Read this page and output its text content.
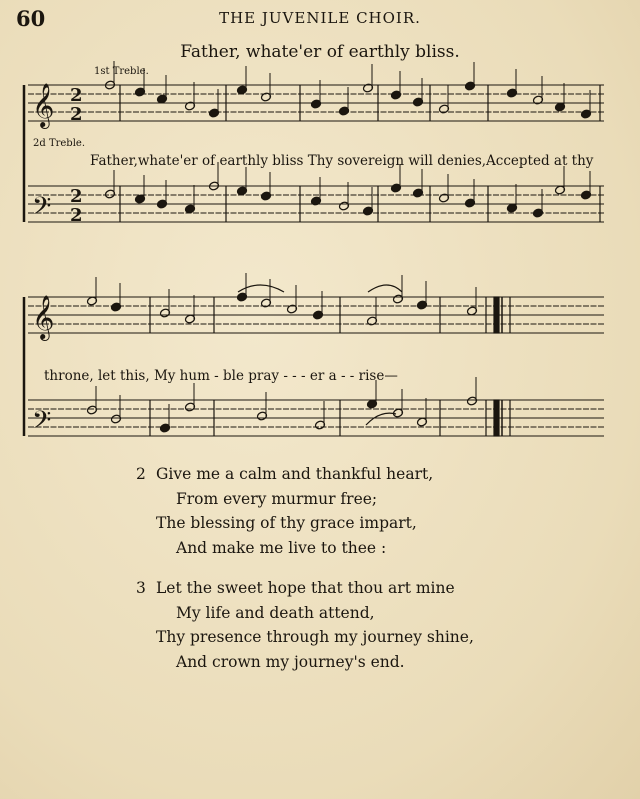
60	THE JUVENILE CHOIR.
Father, whate'er of earthly bliss.
1st Treble.
2d Treble.
𝄞
𝄢
𝄞
𝄢
2
2
2
2
Father,whate'er of earthly bliss Thy sovereign will denies,Accepted at thy
throne, let this, My hum - ble pray - - - er a - - rise—
2 Give me a calm and thankful heart,
From every murmur free;
The blessing of thy grace impart,
And make me live to thee :
3 Let the sweet hope that thou art mine
My life and death attend,
Thy presence through my journey shine,
And crown my journey's end.
